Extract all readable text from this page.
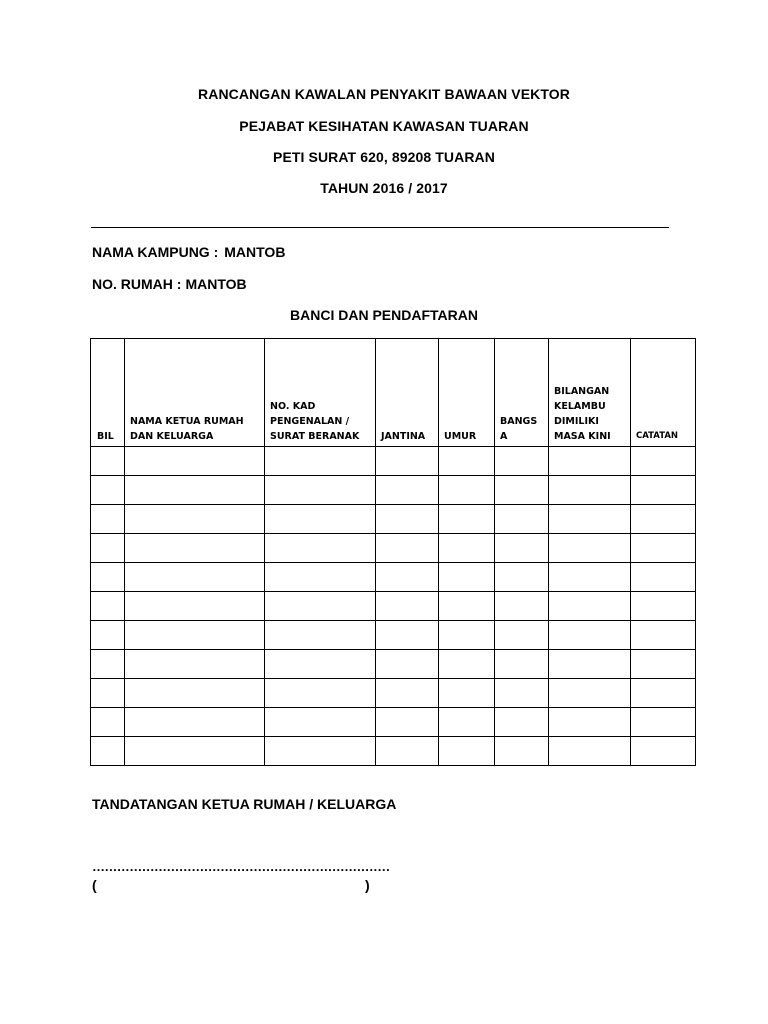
RANCANGAN KAWALAN PENYAKIT BAWAAN VEKTOR
PEJABAT KESIHATAN KAWASAN TUARAN
PETI SURAT 620, 89208 TUARAN
TAHUN 2016 / 2017
NAMA KAMPUNG : MANTOB
NO. RUMAH : MANTOB
BANCI DAN PENDAFTARAN
BIL	NAMA KETUA RUMAH DAN KELUARGA	NO. KAD PENGENALAN / SURAT BERANAK	JANTINA	UMUR	BANGS A	BILANGAN KELAMBU DIMILIKI MASA KINI	CATATAN

TANDATANGAN KETUA RUMAH / KELUARGA
………………………………………………………………
(	)
